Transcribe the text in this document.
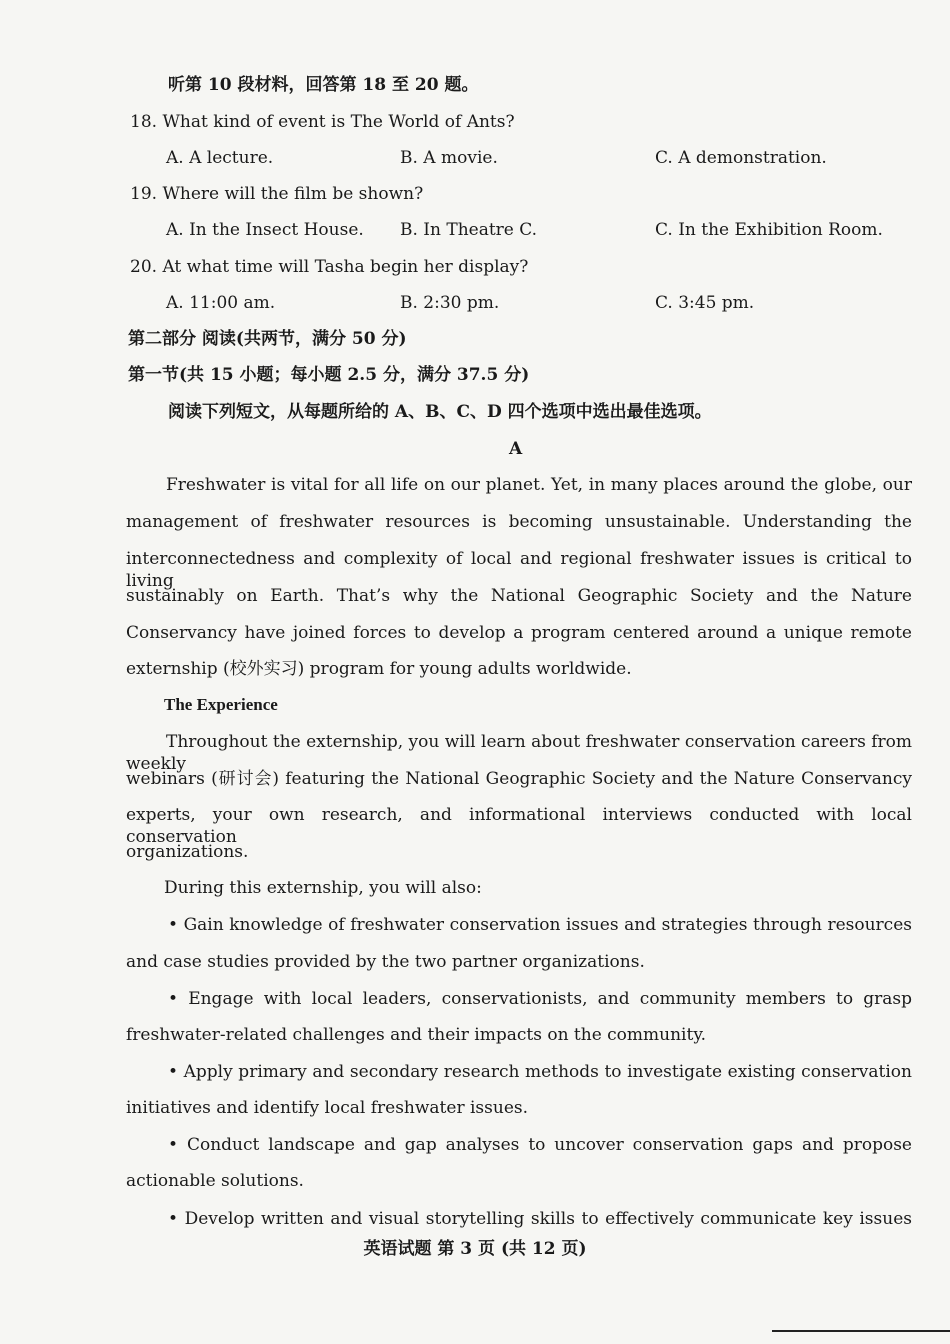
听第 10 段材料，回答第 18 至 20 题。
18. What kind of event is The World of Ants?
A. A lecture.	B. A movie.	C. A demonstration.
19. Where will the film be shown?
A. In the Insect House. B. In Theatre C.	C. In the Exhibition Room.
20. At what time will Tasha begin her display?
A. 11:00 am.	B. 2:30 pm.	C. 3:45 pm.
第二部分 阅读(共两节，满分 50 分)
第一节(共 15 小题；每小题 2.5 分，满分 37.5 分)
阅读下列短文，从每题所给的 A、B、C、D 四个选项中选出最佳选项。
A
Freshwater is vital for all life on our planet. Yet, in many places around the globe, our
management of freshwater resources is becoming unsustainable. Understanding the
interconnectedness and complexity of local and regional freshwater issues is critical to living
sustainably on Earth. That’s why the National Geographic Society and the Nature
Conservancy have joined forces to develop a program centered around a unique remote
externship (校外实习) program for young adults worldwide.
The Experience
Throughout the externship, you will learn about freshwater conservation careers from weekly
webinars (研讨会) featuring the National Geographic Society and the Nature Conservancy
experts, your own research, and informational interviews conducted with local conservation
organizations.
During this externship, you will also:
• Gain knowledge of freshwater conservation issues and strategies through resources
and case studies provided by the two partner organizations.
• Engage with local leaders, conservationists, and community members to grasp
freshwater-related challenges and their impacts on the community.
• Apply primary and secondary research methods to investigate existing conservation
initiatives and identify local freshwater issues.
• Conduct landscape and gap analyses to uncover conservation gaps and propose
actionable solutions.
• Develop written and visual storytelling skills to effectively communicate key issues
英语试题 第 3 页 (共 12 页)
